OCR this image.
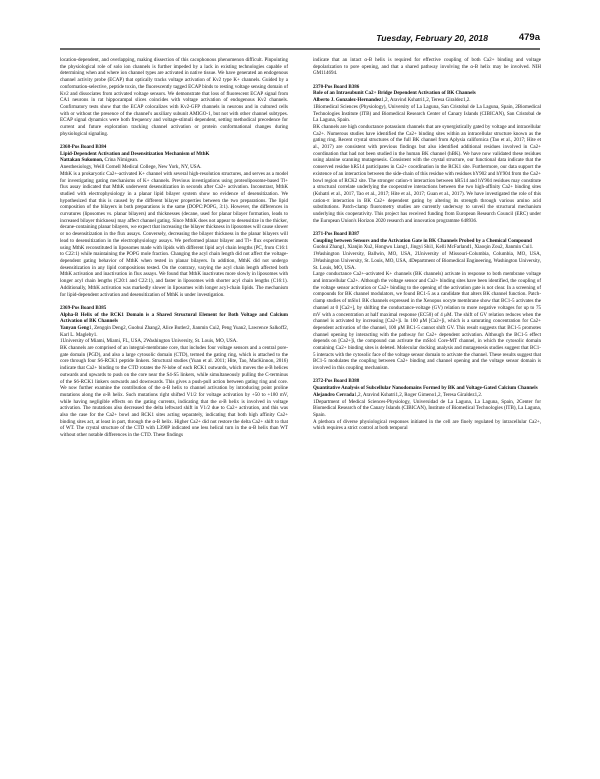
Tuesday, February 20, 2018	479a

location-dependent, and overlapping, making dissection of this cacophonous phenomenon difficult. Pinpointing the physiological role of solo ion channels is further impeded by a lack in existing technologies capable of determining when and where ion channel types are activated in native tissue. We have generated an endogenous channel activity probe (ECAP) that optically tracks voltage activation of Kv2 type K+ channels. Guided by a conformation-selective, peptide toxin, the fluorescently tagged ECAP binds to resting voltage sensing domain of Kv2 and dissociates from activated voltage sensors. We demonstrate that loss of fluorescent ECAP signal from CA1 neurons in rat hippocampal slices coincides with voltage activation of endogenous Kv2 channels. Confirmatory tests show that the ECAP colocalizes with Kv2-GFP channels in neurons and in cultured cells with or without the presence of the channel's auxiliary subunit AMIGO-1, but not with other channel subtypes. ECAP signal dynamics were both frequency and voltage-stimuli dependent, setting methodical precedence for current and future exploration tracking channel activation or protein conformational changes during physiological signaling.

2368-Pos Board B384

Lipid-Dependent Activation and Desensitization Mechanism of MthK

Nattakan Sukomon, Crina Nimigean.

Anesthesiology, Weill Cornell Medical College, New York, NY, USA.

MthK is a prokaryotic Ca2+-activated K+ channel with several high-resolution structures, and serves as a model for investigating gating mechanisms of K+ channels. Previous investigations using proteoliposome-based Tl+ flux assay indicated that MthK underwent desensitization in seconds after Ca2+ activation. Inconstrast, MthK studied with electrophysiology in a planar lipid bilayer system show no evidence of desensitization. We hypothesized that this is caused by the different bilayer properties between the two preparations. The lipid composition of the bilayers in both preparations is the same (DOPC:POPG, 3:1). However, the differences in curvatures (liposomes vs. planar bilayers) and thicknesses (decane, used for planar bilayer formation, leads to increased bilayer thickness) may affect channel gating. Since MthK does not appear to desensitize in the thicker, decane-containing planar bilayers, we expect that increasing the bilayer thickness in liposomes will cause slower or no desensitization in the flux assays. Conversely, decreasing the bilayer thickness in the planar bilayers will lead to desensitization in the electrophysiology assays. We performed planar bilayer and Tl+ flux experiments using MthK reconstituted in liposomes made with lipids with different lipid acyl chain lengths (PC, from C16:1 to C22:1) while maintaining the POPG mole fraction. Changing the acyl chain length did not affect the voltage-dependent gating behavior of MthK when tested in planar bilayers. In addition, MthK did not undergo desensitization in any lipid compositions tested. On the contrary, varying the acyl chain length affected both MthK activation and inactivation in flux assays. We found that MthK inactivates more slowly in liposomes with longer acyl chain lengths (C20:1 and C22:1), and faster in liposomes with shorter acyl chain lengths (C16:1). Additionally, MthK activation was markedly slower in liposomes with longer acyl-chain lipids. The mechanism for lipid-dependent activation and desensitization of MthK is under investigation.

2369-Pos Board B385

Alpha-B Helix of the RCK1 Domain is a Shared Structural Element for Both Voltage and Calcium Activation of BK Channels

Yanyan Geng1, Zengqin Deng2, Guohui Zhang2, Alice Butler2, Jianmin Cui2, Peng Yuan2, Lawrence Salkoff2, Karl L. Magleby1.

1University of Miami, Miami, FL, USA, 2Washington University, St. Louis, MO, USA.

BK channels are comprised of an integral-membrane core, that includes four voltage sensors and a central pore-gate domain (PGD), and also a large cytosolic domain (CTD), termed the gating ring, which is attached to the core through four S6-RCK1 peptide linkers. Structural studies (Yuan et al. 2011; Hite, Tao, MacKinnon, 2016) indicate that Ca2+ binding to the CTD rotates the N-lobe of each RCK1 outwards, which moves the α-B helices outwards and upwards to push on the core near the S4-S5 linkers, while simultaneously pulling the C-terminus of the S6-RCK1 linkers outwards and downwards. This gives a push-pull action between gating ring and core. We now further examine the contribution of the α-B helix to channel activation by introducing point proline mutations along the α-B helix. Such mutations right shifted V1/2 for voltage activation by +50 to +180 mV, while having negligible effects on the gating currents, indicating that the α-B helix is involved in voltage activation. The mutations also decreased the delta leftward shift in V1/2 due to Ca2+ activation, and this was also the case for the Ca2+ bowl and RCK1 sites acting separately, indicating that both high affinity Ca2+ binding sites act, at least in part, through the α-B helix. Higher Ca2+ did not restore the delta Ca2+ shift to that of WT. The crystal structure of the CTD with L390P indicated one less helical turn in the α-B helix than WT without other notable differences in the CTD. These findings

indicate that an intact α-B helix is required for effective coupling of both Ca2+ binding and voltage depolarization to pore opening, and that a shared pathway involving the α-B helix may be involved. NIH GM114694.

2370-Pos Board B386

Role of an Intrasubunit Ca2+ Bridge Dependent Activation of BK Channels

Alberto J. Gonzalez-Hernandez1,2, Aravind Kshatri1,2, Teresa Giraldez1,2.

1Biomedical Sciences (Physiology), University of La Laguna, San Cristobal de La Laguna, Spain, 2Biomedical Technologies Institute (ITB) and Biomedical Research Center of Canary Islands (CIBICAN), San Cristobal de La Laguna, Spain.

BK channels are high conductance potassium channels that are synergistically gated by voltage and intracellular Ca2+. Numerous studies have identified the Ca2+ binding sites within an intracellular structure known as the gating ring. Recent crystal structures of the full BK channel from Aplysia californica (Tao et al., 2017; Hite et al., 2017) are consistent with previous findings but also identified additional residues involved in Ca2+ coordination that had not been studied in the human BK channel (hBK). We have now validated these residues using alanine scanning mutagenesis. Consistent with the crystal structure, our functional data indicate that the conserved residue hR514 participates in Ca2+ coordination in the RCK1 site. Furthermore, our data support the existence of an interaction between the side-chain of this residue with residues hY902 and hY904 from the Ca2+ bowl region of RCK2 site. The stronger cation-π interaction between hR514 and hY904 residues may constitute a structural correlate underlying the cooperative interactions between the two high-affinity Ca2+ binding sites (Kshatri et al., 2017, Tao et al., 2017; Hite et al., 2017; Guan et al., 2017). We have investigated the role of this cation-π interaction in BK Ca2+ dependent gating by altering its strength through various amino acid substitutions. Patch-clamp fluorometry studies are currently underway to unveil the structural mechanism underlying this cooperativity. This project has received funding from European Research Council (ERC) under the European Union's Horizon 2020 research and innovation programme 648936.

2371-Pos Board B387

Coupling between Sensors and the Activation Gate in BK Channels Probed by a Chemical Compound

Guohui Zhang1, Xianjin Xu2, Hongwu Liang1, Jingyi Shi1, Kelli McFarland1, Xiaoqin Zou2, Jianmin Cui1.

1Washington University, Ballwin, MO, USA, 2University of Missouri-Columbia, Columbia, MO, USA, 3Washington University, St. Louis, MO, USA, 4Department of Biomedical Engineering, Washington University, St. Louis, MO, USA.

Large conductance Ca2+-activated K+ channels (BK channels) activate in response to both membrane voltage and intracellular Ca2+. Although the voltage sensor and Ca2+ binding sites have been identified, the coupling of the voltage sensor activation or Ca2+ binding to the opening of the activation gate is not clear. In a screening of compounds for BK channel modulators, we found BC1-5 as a candidate that alters BK channel function. Patch-clamp studies of mSlo1 BK channels expressed in the Xenopus oocyte membrane show that BC1-5 activates the channel at 0 [Ca2+], by shifting the conductance-voltage (GV) relation to more negative voltages for up to 75 mV with a concentration at half maximal response (EC50) of 4 μM. The shift of GV relation reduces when the channel is activated by increasing [Ca2+]i. In 100 μM [Ca2+]i, which is a saturating concentration for Ca2+ dependent activation of the channel, 100 μM BC1-5 cannot shift GV. This result suggests that BC1-5 promotes channel opening by interacting with the pathway for Ca2+ dependent activation. Although the BC1-5 effect depends on [Ca2+]i, the compound can activate the mSlo1 Core-MT channel, in which the cytosolic domain containing Ca2+ binding sites is deleted. Molecular docking analysis and mutagenesis studies suggest that BC1-5 interacts with the cytosolic face of the voltage sensor domain to activate the channel. These results suggest that BC1-5 modulates the coupling between Ca2+ binding and channel opening and the voltage sensor domain is involved in this coupling mechanism.

2372-Pos Board B388

Quantitative Analysis of Subcellular Nanodomains Formed by BK and Voltage-Gated Calcium Channels

Alejandro Cerrada1,2, Aravind Kshatri1,2, Roger Gimeno1,2, Teresa Giraldez1,2.

1Department of Medical Sciences-Physiology, Universidad de La Laguna, La Laguna, Spain, 2Center for Biomedical Research of the Canary Islands (CIBICAN), Institute of Biomedical Technologies (ITB), La Laguna, Spain.

A plethora of diverse physiological responses initiated in the cell are finely regulated by intracellular Ca2+, which requires a strict control at both temporal
